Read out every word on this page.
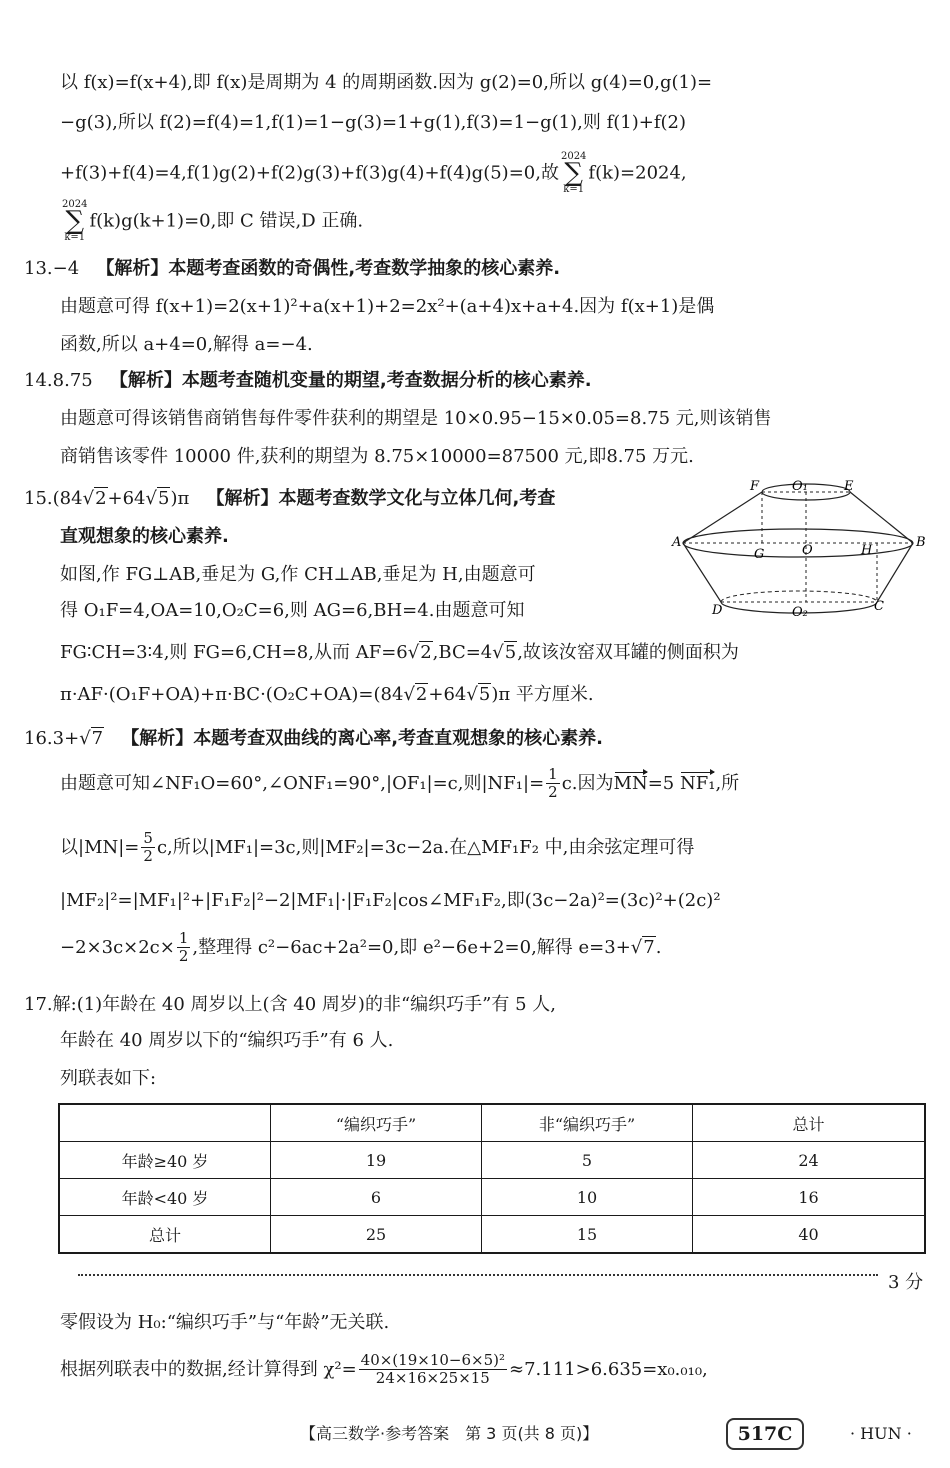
以 f(x)=f(x+4),即 f(x)是周期为 4 的周期函数.因为 g(2)=0,所以 g(4)=0,g(1)=
−g(3),所以 f(2)=f(4)=1,f(1)=1−g(3)=1+g(1),f(3)=1−g(1),则 f(1)+f(2)
+f(3)+f(4)=4,f(1)g(2)+f(2)g(3)+f(3)g(4)+f(4)g(5)=0,故2024
∑
k=1f(k)=2024,
2024
∑
k=1f(k)g(k+1)=0,即 C 错误,D 正确.
13.−4 【解析】本题考查函数的奇偶性,考查数学抽象的核心素养.
由题意可得 f(x+1)=2(x+1)²+a(x+1)+2=2x²+(a+4)x+a+4.因为 f(x+1)是偶
函数,所以 a+4=0,解得 a=−4.
14.8.75 【解析】本题考查随机变量的期望,考查数据分析的核心素养.
由题意可得该销售商销售每件零件获利的期望是 10×0.95−15×0.05=8.75 元,则该销售
商销售该零件 10000 件,获利的期望为 8.75×10000=87500 元,即8.75 万元.
15.(84√2+64√5)π 【解析】本题考查数学文化与立体几何,考查
直观想象的核心素养.
如图,作 FG⊥AB,垂足为 G,作 CH⊥AB,垂足为 H,由题意可
得 O₁F=4,OA=10,O₂C=6,则 AG=6,BH=4.由题意可知
FG∶CH=3∶4,则 FG=6,CH=8,从而 AF=6√2,BC=4√5,故该汝窑双耳罐的侧面积为
π·AF·(O₁F+OA)+π·BC·(O₂C+OA)=(84√2+64√5)π 平方厘米.
F	O₁	E
A	B
G	O	H
D	O₂	C
16.3+√7 【解析】本题考查双曲线的离心率,考查直观想象的核心素养.
由题意可知∠NF₁O=60°,∠ONF₁=90°,|OF₁|=c,则$|NF_1|= \frac{1}{2} c$.因为MN=5 NF₁,所
以$|MN|= \frac{5}{2} c$,所以|MF₁|=3c,则|MF₂|=3c−2a.在△MF₁F₂ 中,由余弦定理可得
|MF₂|²=|MF₁|²+|F₁F₂|²−2|MF₁|·|F₁F₂|cos∠MF₁F₂,即(3c−2a)²=(3c)²+(2c)²
$-2\times 3c\times 2c\times \frac{1}{2}$ ,整理得 c²−6ac+2a²=0,即 e²−6e+2=0,解得 e=3+√7.
17.解:(1)年龄在 40 周岁以上(含 40 周岁)的非“编织巧手”有 5 人,
年龄在 40 周岁以下的“编织巧手”有 6 人.
列联表如下:
	“编织巧手”	非“编织巧手”	总计
年龄≥40 岁	19	5	24
年龄<40 岁	6	10	16
总计	25	15	40
3 分
零假设为 H₀:“编织巧手”与“年龄”无关联.
根据列联表中的数据,经计算得到 $\chi^2= \frac{\text{40×(19×10−6×5)²}}{24\times 16\times 25\times 15} \approx 7.111>6.635=x_0._{010}$,
【高三数学·参考答案　第 3 页(共 8 页)】	517C	· HUN ·
